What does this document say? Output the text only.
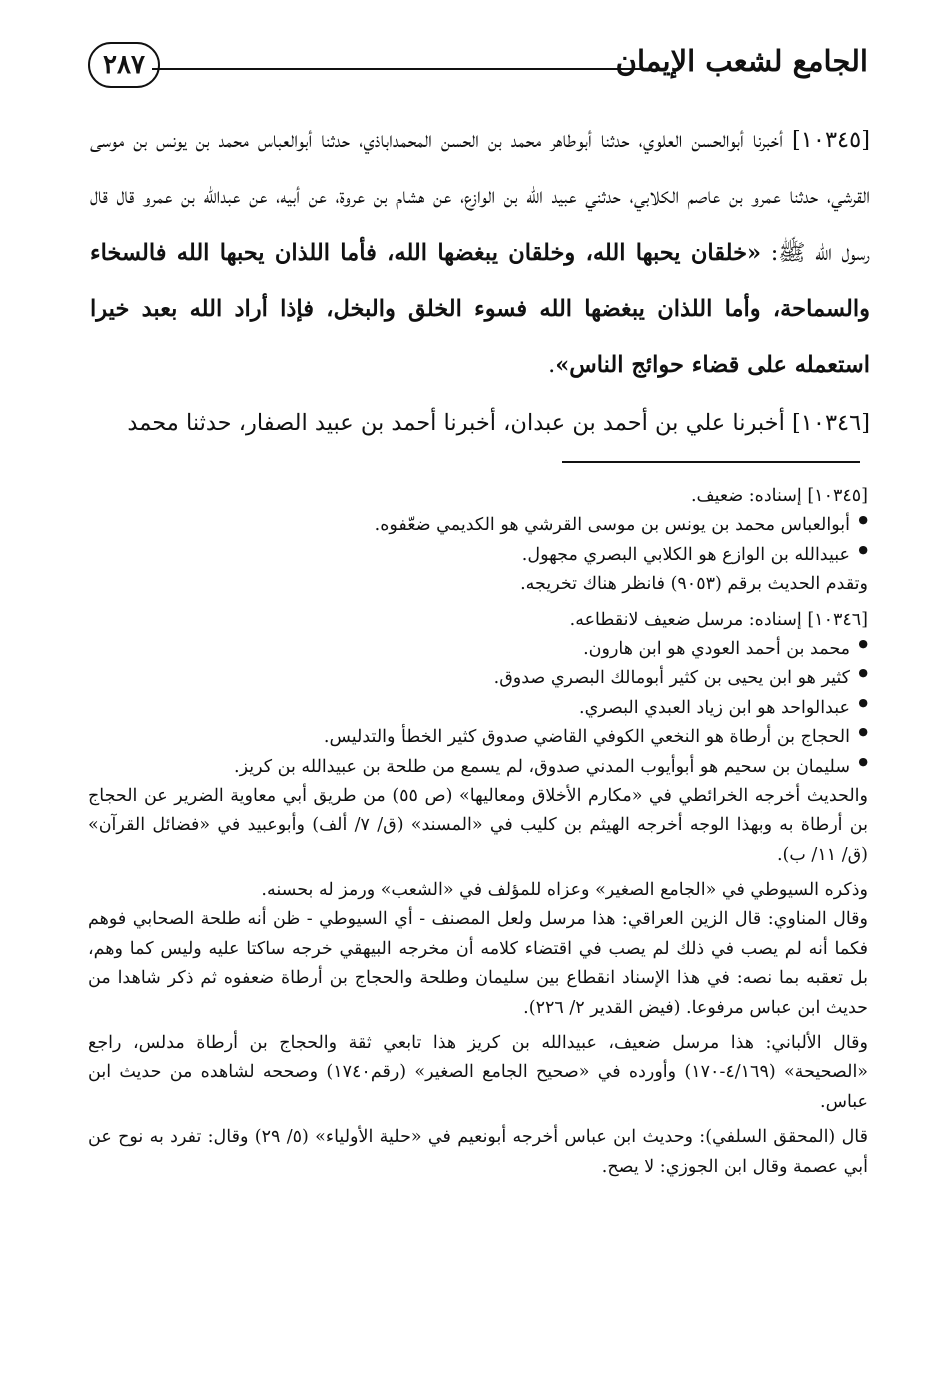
الجامع لشعب الإيمان
٢٨٧

[١٠٣٤٥] أخبرنا أبوالحسن العلوي، حدثنا أبوطاهر محمد بن الحسن المحمداباذي، حدثنا أبوالعباس محمد بن يونس بن موسى القرشي، حدثنا عمرو بن عاصم الكلابي، حدثني عبيد الله بن الوازع، عن هشام بن عروة، عن أبيه، عن عبدالله بن عمرو قال قال رسول الله ﷺ: «خلقان يحبها الله، وخلقان يبغضها الله، فأما اللذان يحبها الله فالسخاء والسماحة، وأما اللذان يبغضها الله فسوء الخلق والبخل، فإذا أراد الله بعبد خيرا استعمله على قضاء حوائج الناس».

[١٠٣٤٦] أخبرنا علي بن أحمد بن عبدان، أخبرنا أحمد بن عبيد الصفار، حدثنا محمد

[١٠٣٤٥] إسناده: ضعيف.

● أبوالعباس محمد بن يونس بن موسى القرشي هو الكديمي ضعّفوه.
● عبيدالله بن الوازع هو الكلابي البصري مجهول.

وتقدم الحديث برقم (٩٠٥٣) فانظر هناك تخريجه.

[١٠٣٤٦] إسناده: مرسل ضعيف لانقطاعه.

● محمد بن أحمد العودي هو ابن هارون.
● كثير هو ابن يحيى بن كثير أبومالك البصري صدوق.
● عبدالواحد هو ابن زياد العبدي البصري.
● الحجاج بن أرطاة هو النخعي الكوفي القاضي صدوق كثير الخطأ والتدليس.
● سليمان بن سحيم هو أبوأيوب المدني صدوق، لم يسمع من طلحة بن عبيدالله بن كريز.

والحديث أخرجه الخرائطي في «مكارم الأخلاق ومعاليها» (ص ٥٥) من طريق أبي معاوية الضرير عن الحجاج بن أرطاة به وبهذا الوجه أخرجه الهيثم بن كليب في «المسند» (ق/ ٧/ ألف) وأبوعبيد في «فضائل القرآن» (ق/ ١١/ ب).

وذكره السيوطي في «الجامع الصغير» وعزاه للمؤلف في «الشعب» ورمز له بحسنه.

وقال المناوي: قال الزين العراقي: هذا مرسل ولعل المصنف - أي السيوطي - ظن أنه طلحة الصحابي فوهم فكما أنه لم يصب في ذلك لم يصب في اقتضاء كلامه أن مخرجه البيهقي خرجه ساكتا عليه وليس كما وهم، بل تعقبه بما نصه: في هذا الإسناد انقطاع بين سليمان وطلحة والحجاج بن أرطاة ضعفوه ثم ذكر شاهدا من حديث ابن عباس مرفوعا. (فيض القدير ٢/ ٢٢٦).

وقال الألباني: هذا مرسل ضعيف، عبيدالله بن كريز هذا تابعي ثقة والحجاج بن أرطاة مدلس، راجع «الصحيحة» (٤/١٦٩-١٧٠) وأورده في «صحيح الجامع الصغير» (رقم١٧٤٠) وصححه لشاهده من حديث ابن عباس.

قال (المحقق السلفي): وحديث ابن عباس أخرجه أبونعيم في «حلية الأولياء» (٥/ ٢٩) وقال: تفرد به نوح عن أبي عصمة وقال ابن الجوزي: لا يصح.
